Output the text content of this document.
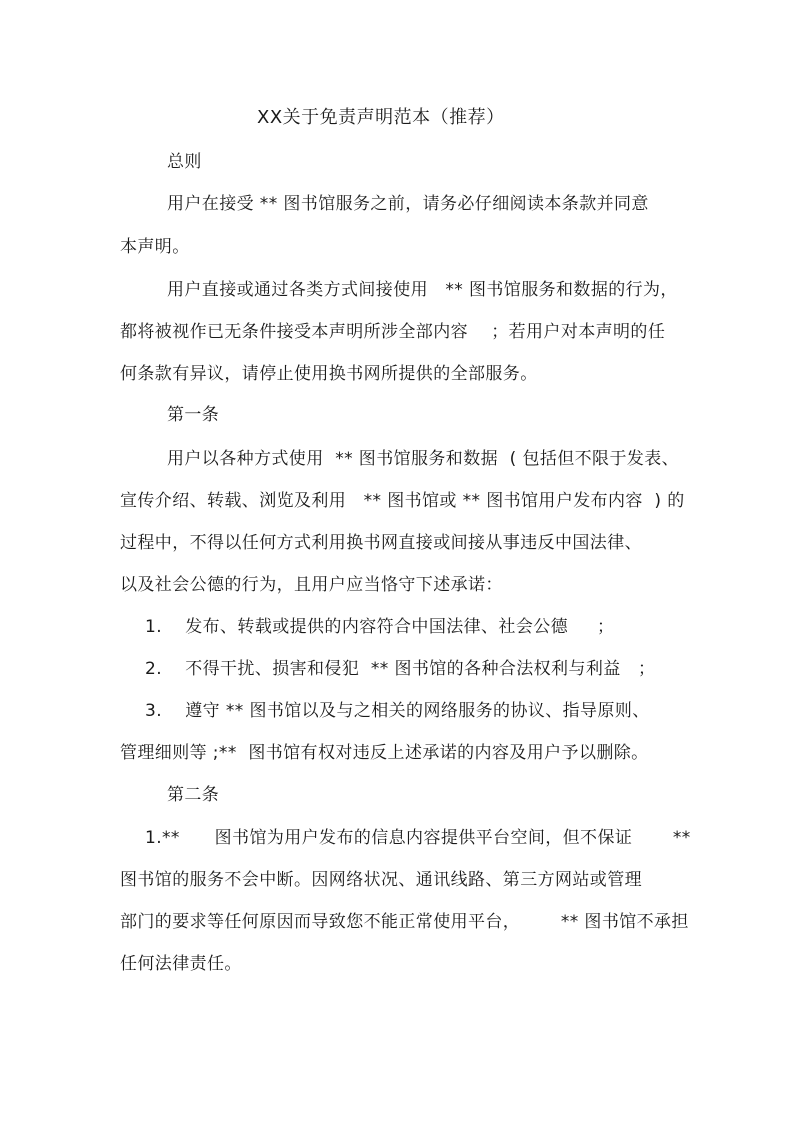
XX关于免责声明范本（推荐）

总则

用户在接受 ** 图书馆服务之前，请务必仔细阅读本条款并同意

本声明。

用户直接或通过各类方式间接使用   ** 图书馆服务和数据的行为，

都将被视作已无条件接受本声明所涉全部内容    ；若用户对本声明的任

何条款有异议，请停止使用换书网所提供的全部服务。

第一条

用户以各种方式使用  ** 图书馆服务和数据  ( 包括但不限于发表、

宣传介绍、转载、浏览及利用   ** 图书馆或 ** 图书馆用户发布内容  ) 的

过程中，不得以任何方式利用换书网直接或间接从事违反中国法律、

以及社会公德的行为，且用户应当恪守下述承诺：

1.    发布、转载或提供的内容符合中国法律、社会公德     ；

2.    不得干扰、损害和侵犯  ** 图书馆的各种合法权利与利益   ；

3.    遵守 ** 图书馆以及与之相关的网络服务的协议、指导原则、

管理细则等 ;**  图书馆有权对违反上述承诺的内容及用户予以删除。

第二条

1.**      图书馆为用户发布的信息内容提供平台空间，但不保证       **

图书馆的服务不会中断。因网络状况、通讯线路、第三方网站或管理

部门的要求等任何原因而导致您不能正常使用平台，       ** 图书馆不承担

任何法律责任。
